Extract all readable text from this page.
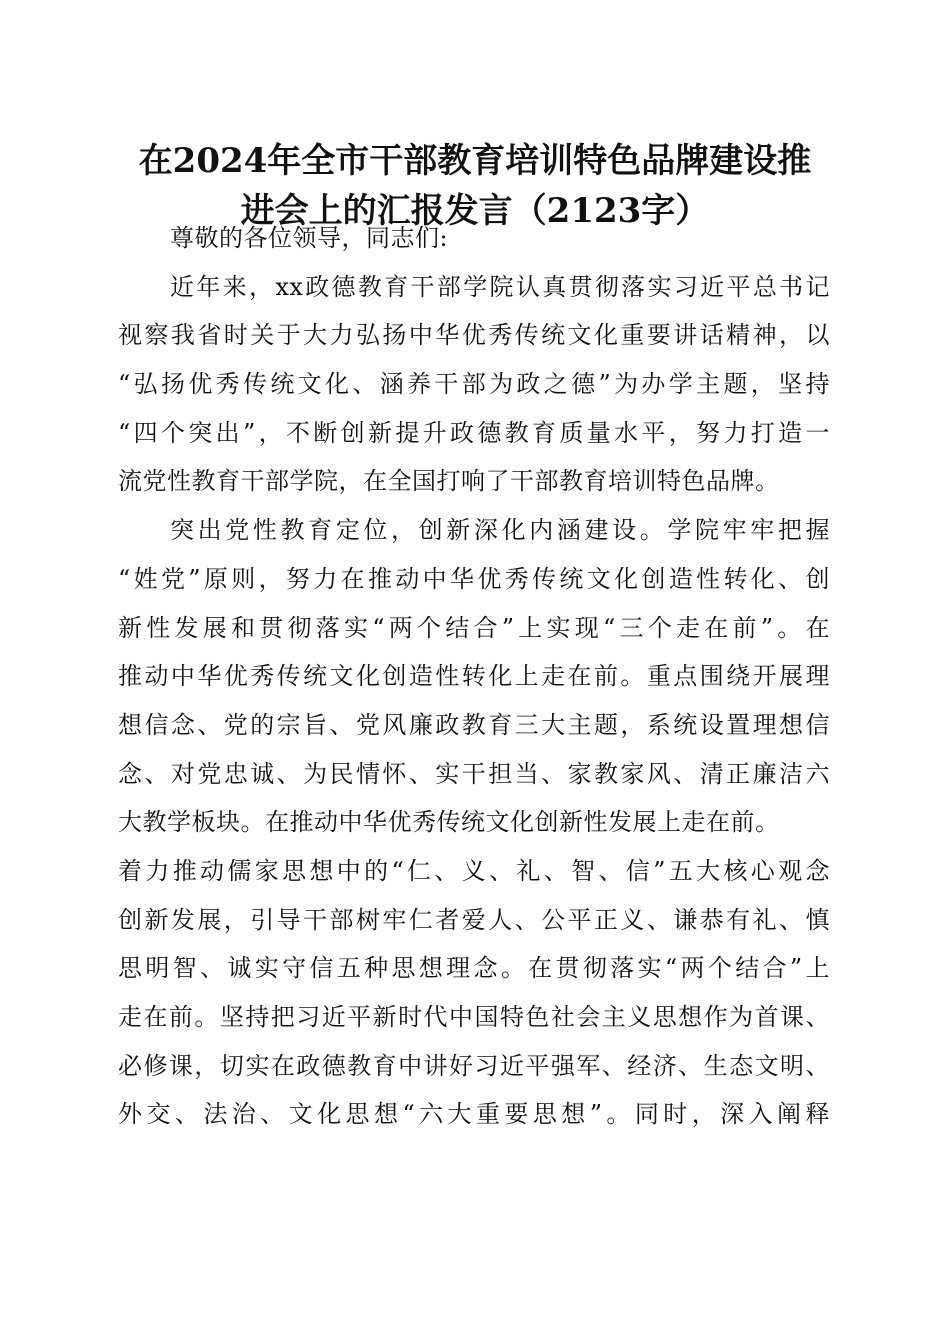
在2024年全市干部教育培训特色品牌建设推
进会上的汇报发言（2123字）
尊敬的各位领导，同志们:
近年来，xx政德教育干部学院认真贯彻落实习近平总书记
视察我省时关于大力弘扬中华优秀传统文化重要讲话精神，以
“弘扬优秀传统文化、涵养干部为政之德”为办学主题，坚持
“四个突出”，不断创新提升政德教育质量水平，努力打造一
流党性教育干部学院，在全国打响了干部教育培训特色品牌。
突出党性教育定位，创新深化内涵建设。学院牢牢把握
“姓党”原则，努力在推动中华优秀传统文化创造性转化、创
新性发展和贯彻落实“两个结合”上实现“三个走在前”。在
推动中华优秀传统文化创造性转化上走在前。重点围绕开展理
想信念、党的宗旨、党风廉政教育三大主题，系统设置理想信
念、对党忠诚、为民情怀、实干担当、家教家风、清正廉洁六
大教学板块。在推动中华优秀传统文化创新性发展上走在前。
着力推动儒家思想中的“仁、义、礼、智、信”五大核心观念
创新发展，引导干部树牢仁者爱人、公平正义、谦恭有礼、慎
思明智、诚实守信五种思想理念。在贯彻落实“两个结合”上
走在前。坚持把习近平新时代中国特色社会主义思想作为首课、
必修课，切实在政德教育中讲好习近平强军、经济、生态文明、
外交、法治、文化思想“六大重要思想”。同时，深入阐释
